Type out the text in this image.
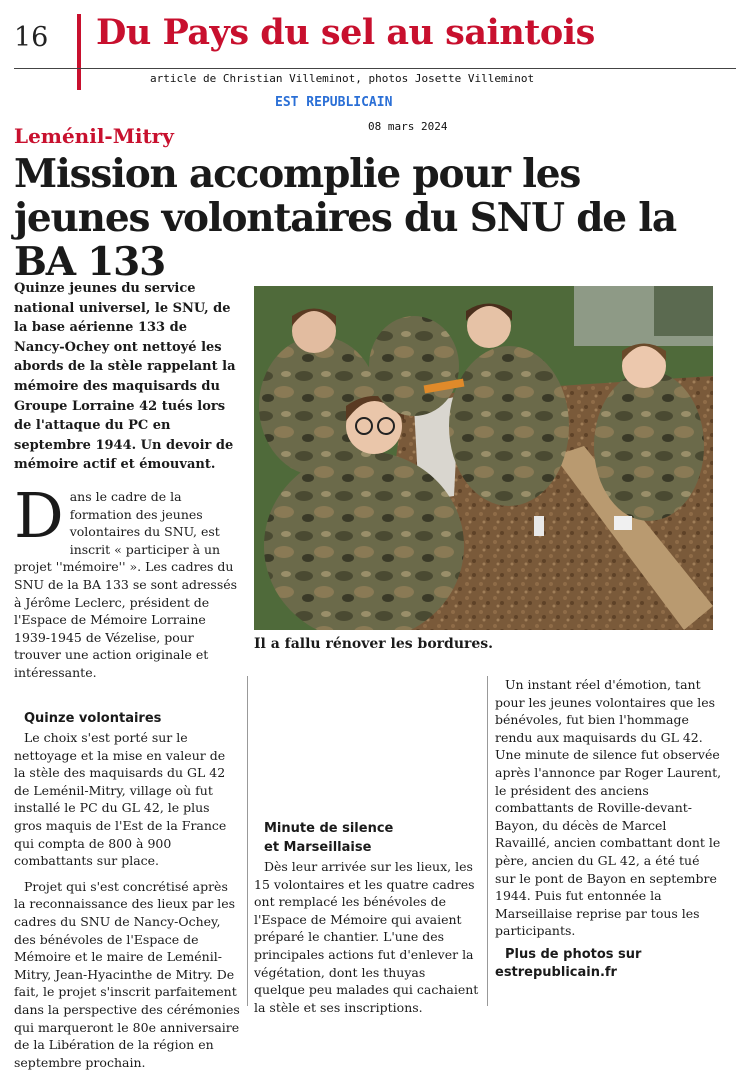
16 Du Pays du sel au saintois
article de Christian Villeminot, photos Josette Villeminot
EST REPUBLICAIN
08 mars 2024
Leménil-Mitry
Mission accomplie pour les jeunes volontaires du SNU de la BA 133
Quinze jeunes du service national universel, le SNU, de la base aérienne 133 de Nancy-Ochey ont nettoyé les abords de la stèle rappelant la mémoire des maquisards du Groupe Lorraine 42 tués lors de l'attaque du PC en septembre 1944. Un devoir de mémoire actif et émouvant.
D ans le cadre de la formation des jeunes volontaires du SNU, est inscrit « participer à un projet ''mémoire'' ». Les cadres du SNU de la BA 133 se sont adressés à Jérôme Leclerc, président de l'Espace de Mémoire Lorraine 1939-1945 de Vézelise, pour trouver une action originale et intéressante.
Quinze volontaires

Le choix s'est porté sur le nettoyage et la mise en valeur de la stèle des maquisards du GL 42 de Leménil-Mitry, village où fut installé le PC du GL 42, le plus gros maquis de l'Est de la France qui compta de 800 à 900 combattants sur place.

Projet qui s'est concrétisé après la reconnaissance des lieux par les cadres du SNU de Nancy-Ochey, des bénévoles de l'Espace de Mémoire et le maire de Leménil-Mitry, Jean-Hyacinthe de Mitry. De fait, le projet s'inscrit parfaitement dans la perspective des cérémonies qui marqueront le 80e anniversaire de la Libération de la région en septembre prochain.

Minute de silence
et Marseillaise

Dès leur arrivée sur les lieux, les 15 volontaires et les quatre cadres ont remplacé les bénévoles de l'Espace de Mémoire qui avaient préparé le chantier. L'une des principales actions fut d'enlever la végétation, dont les thuyas quelque peu malades qui cachaient la stèle et ses inscriptions.

Un instant réel d'émotion, tant pour les jeunes volontaires que les bénévoles, fut bien l'hommage rendu aux maquisards du GL 42. Une minute de silence fut observée après l'annonce par Roger Laurent, le président des anciens combattants de Roville-devant-Bayon, du décès de Marcel Ravaillé, ancien combattant dont le père, ancien du GL 42, a été tué sur le pont de Bayon en septembre 1944. Puis fut entonnée la Marseillaise reprise par tous les participants.

Plus de photos sur estrepublicain.fr
Il a fallu rénover les bordures.
